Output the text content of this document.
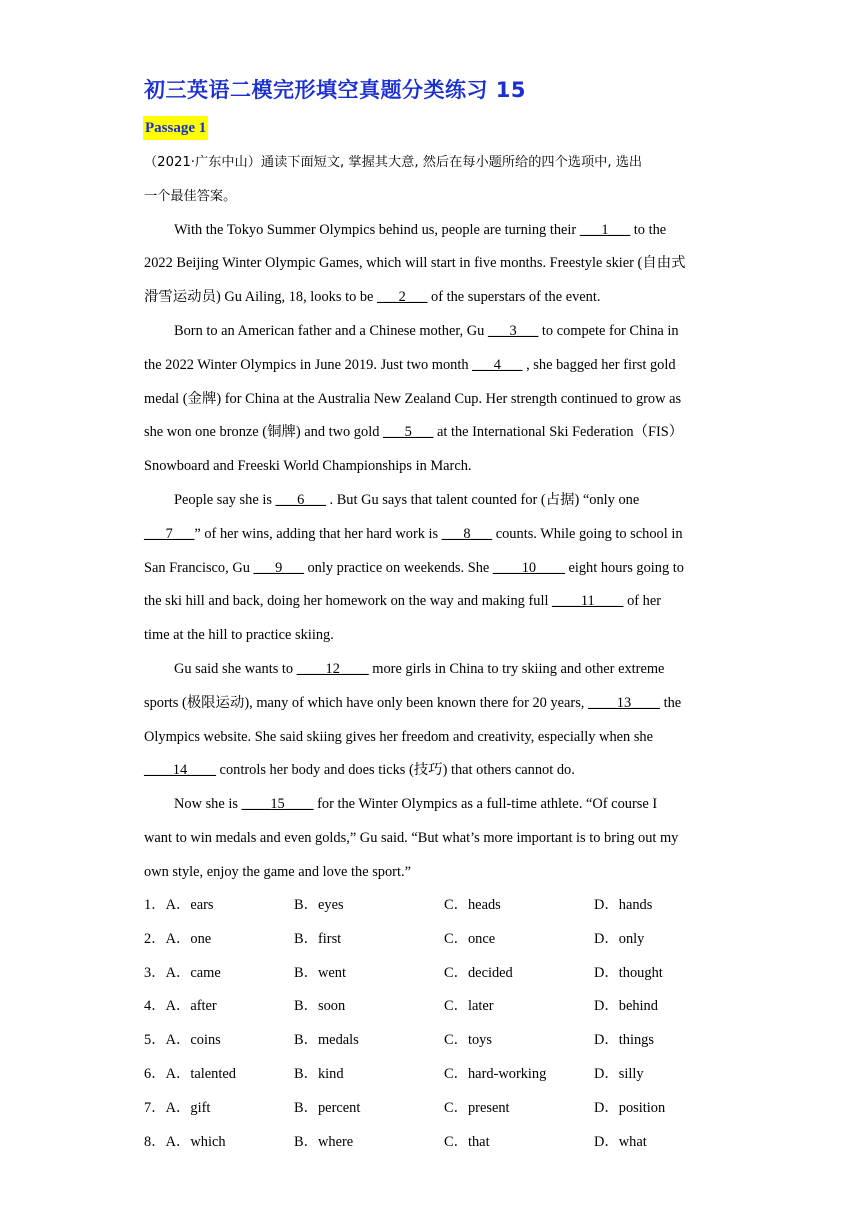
初三英语二模完形填空真题分类练习 15
Passage 1
（2021·广东中山）通读下面短文, 掌握其大意, 然后在每小题所给的四个选项中, 选出
一个最佳答案。
With the Tokyo Summer Olympics behind us, people are turning their ___1___ to the
2022 Beijing Winter Olympic Games, which will start in five months. Freestyle skier (自由式
滑雪运动员) Gu Ailing, 18, looks to be ___2___ of the superstars of the event.
Born to an American father and a Chinese mother, Gu ___3___ to compete for China in
the 2022 Winter Olympics in June 2019. Just two month ___4___ , she bagged her first gold
medal (金牌) for China at the Australia New Zealand Cup. Her strength continued to grow as
she won one bronze (铜牌) and two gold ___5___ at the International Ski Federation（FIS）
Snowboard and Freeski World Championships in March.
People say she is ___6___ . But Gu says that talent counted for (占据) “only one
___7___” of her wins, adding that her hard work is ___8___ counts. While going to school in
San Francisco, Gu ___9___ only practice on weekends. She ____10____ eight hours going to
the ski hill and back, doing her homework on the way and making full ____11____ of her
time at the hill to practice skiing.
Gu said she wants to ____12____ more girls in China to try skiing and other extreme
sports (极限运动), many of which have only been known there for 20 years, ____13____ the
Olympics website. She said skiing gives her freedom and creativity, especially when she
____14____ controls her body and does ticks (技巧) that others cannot do.
Now she is ____15____ for the Winter Olympics as a full-time athlete. “Of course I
want to win medals and even golds,” Gu said. “But what’s more important is to bring out my
own style, enjoy the game and love the sport.”
1．A．ears	B．eyes	C．heads	D．hands
2．A．one	B．first	C．once	D．only
3．A．came	B．went	C．decided	D．thought
4．A．after	B．soon	C．later	D．behind
5．A．coins	B．medals	C．toys	D．things
6．A．talented	B．kind	C．hard-working	D．silly
7．A．gift	B．percent	C．present	D．position
8．A．which	B．where	C．that	D．what
